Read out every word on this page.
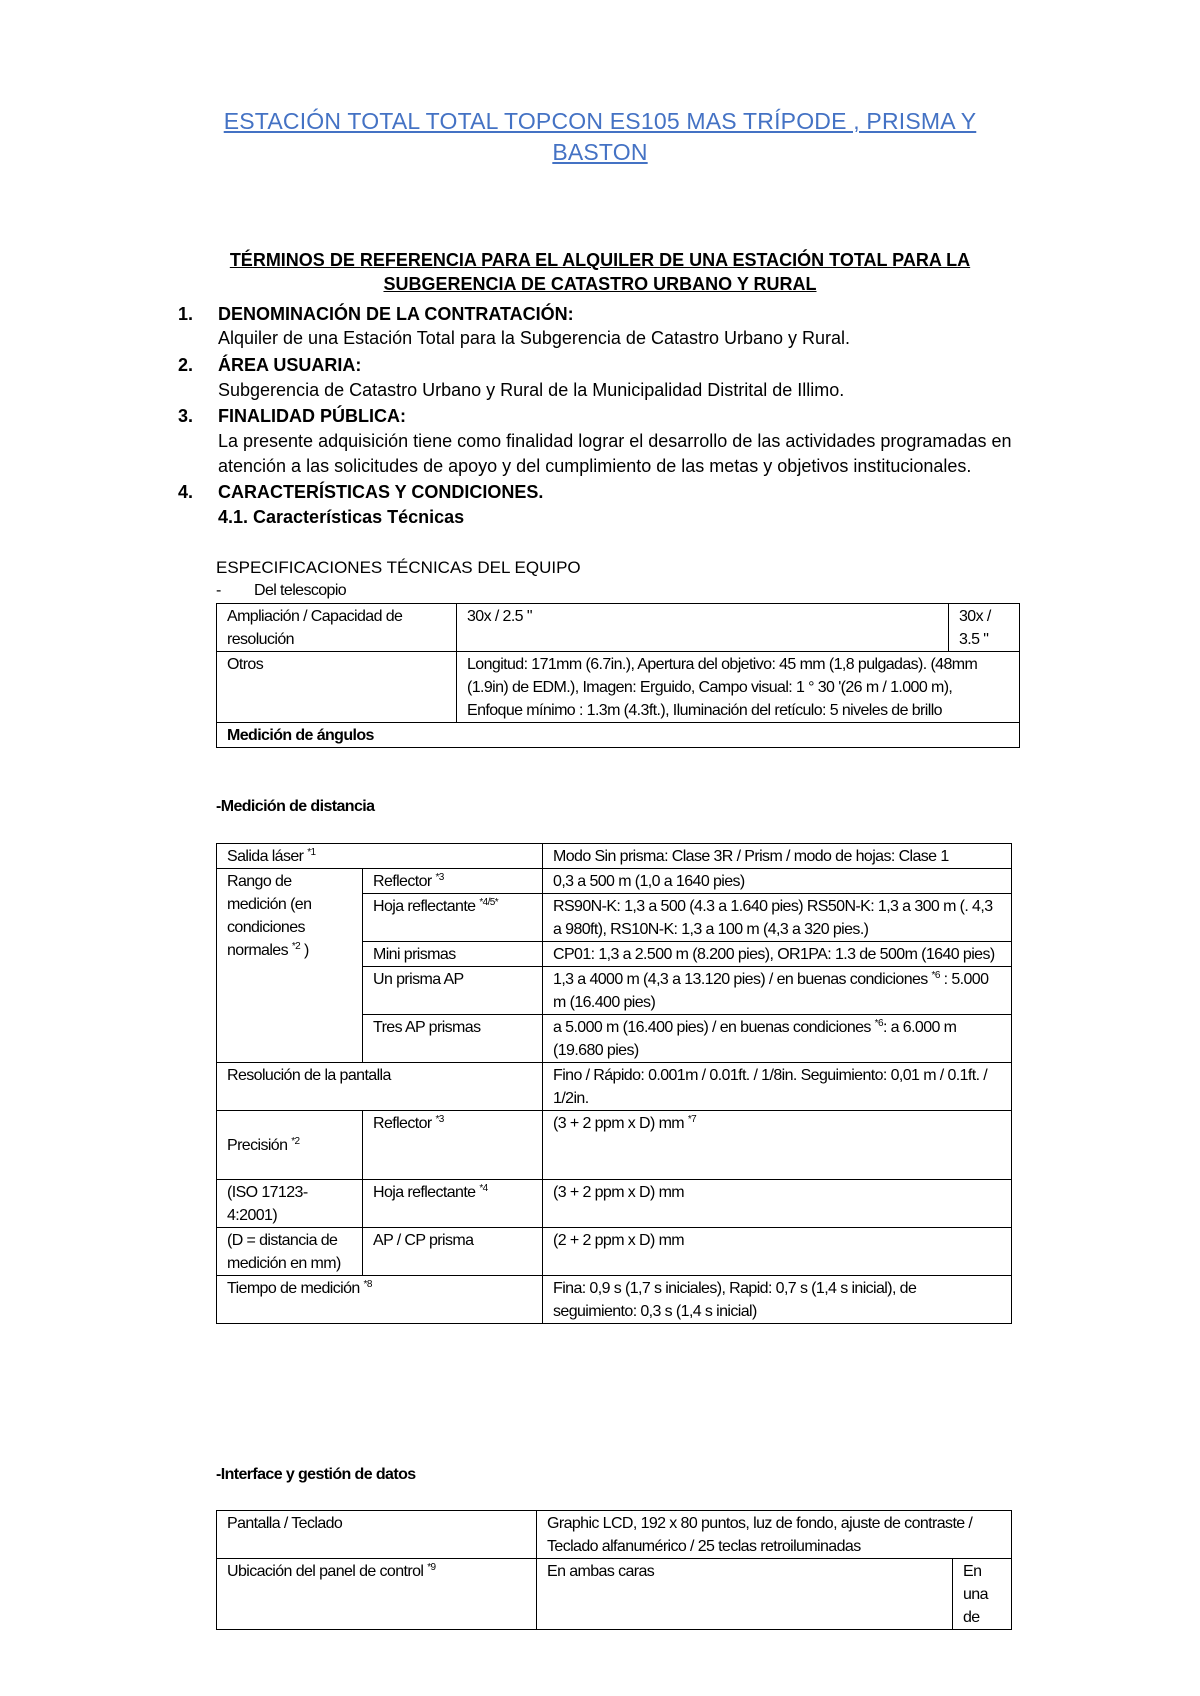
ESTACIÓN TOTAL TOTAL TOPCON ES105 MAS TRÍPODE , PRISMA Y
BASTON
TÉRMINOS DE REFERENCIA PARA EL ALQUILER DE UNA ESTACIÓN TOTAL PARA LA
SUBGERENCIA DE CATASTRO URBANO Y RURAL
1. DENOMINACIÓN DE LA CONTRATACIÓN:
Alquiler de una Estación Total para la Subgerencia de Catastro Urbano y Rural.
2. ÁREA USUARIA:
Subgerencia de Catastro Urbano y Rural de la Municipalidad Distrital de Illimo.
3. FINALIDAD PÚBLICA:
La presente adquisición tiene como finalidad lograr el desarrollo de las actividades programadas en
atención a las solicitudes de apoyo y del cumplimiento de las metas y objetivos institucionales.
4. CARACTERÍSTICAS Y CONDICIONES.
4.1. Características Técnicas
ESPECIFICACIONES TÉCNICAS DEL EQUIPO
- Del telescopio
Ampliación / Capacidad de resolución	30x / 2.5 "	30x / 3.5 "
Otros	Longitud: 171mm (6.7in.), Apertura del objetivo: 45 mm (1,8 pulgadas). (48mm (1.9in) de EDM.), Imagen: Erguido, Campo visual: 1 ° 30 '(26 m / 1.000 m), Enfoque mínimo : 1.3m (4.3ft.), Iluminación del retículo: 5 niveles de brillo	
Medición de ángulos		
-Medición de distancia
Salida láser $^{*1}$		Modo Sin prisma: Clase 3R / Prism / modo de hojas: Clase 1
Rango de medición (en condiciones normales $^{*2}$ )	Reflector $^{*3}$	0,3 a 500 m (1,0 a 1640 pies)
	Hoja reflectante $^{*4/5*}$	RS90N-K: 1,3 a 500 (4.3 a 1.640 pies) RS50N-K: 1,3 a 300 m (. 4,3 a 980ft), RS10N-K: 1,3 a 100 m (4,3 a 320 pies.)
	Mini prismas	CP01: 1,3 a 2.500 m (8.200 pies), OR1PA: 1.3 de 500m (1640 pies)
	Un prisma AP	1,3 a 4000 m (4,3 a 13.120 pies) / en buenas condiciones $^{*6}$ : 5.000 m (16.400 pies)
	Tres AP prismas	a 5.000 m (16.400 pies) / en buenas condiciones $^{*6}$: a 6.000 m (19.680 pies)
Resolución de la pantalla		Fino / Rápido: 0.001m / 0.01ft. / 1/8in. Seguimiento: 0,01 m / 0.1ft. / 1/2in.
Precisión $^{*2}$	Reflector $^{*3}$	(3 + 2 ppm x D) mm $^{*7}$
(ISO 17123-4:2001)	Hoja reflectante $^{*4}$	(3 + 2 ppm x D) mm
(D = distancia de medición en mm)	AP / CP prisma	(2 + 2 ppm x D) mm
Tiempo de medición $^{*8}$		Fina: 0,9 s (1,7 s iniciales), Rapid: 0,7 s (1,4 s inicial), de seguimiento: 0,3 s (1,4 s inicial)
-Interface y gestión de datos
Pantalla / Teclado	Graphic LCD, 192 x 80 puntos, luz de fondo, ajuste de contraste / Teclado alfanumérico / 25 teclas retroiluminadas	
Ubicación del panel de control $^{*9}$	En ambas caras	En una de
